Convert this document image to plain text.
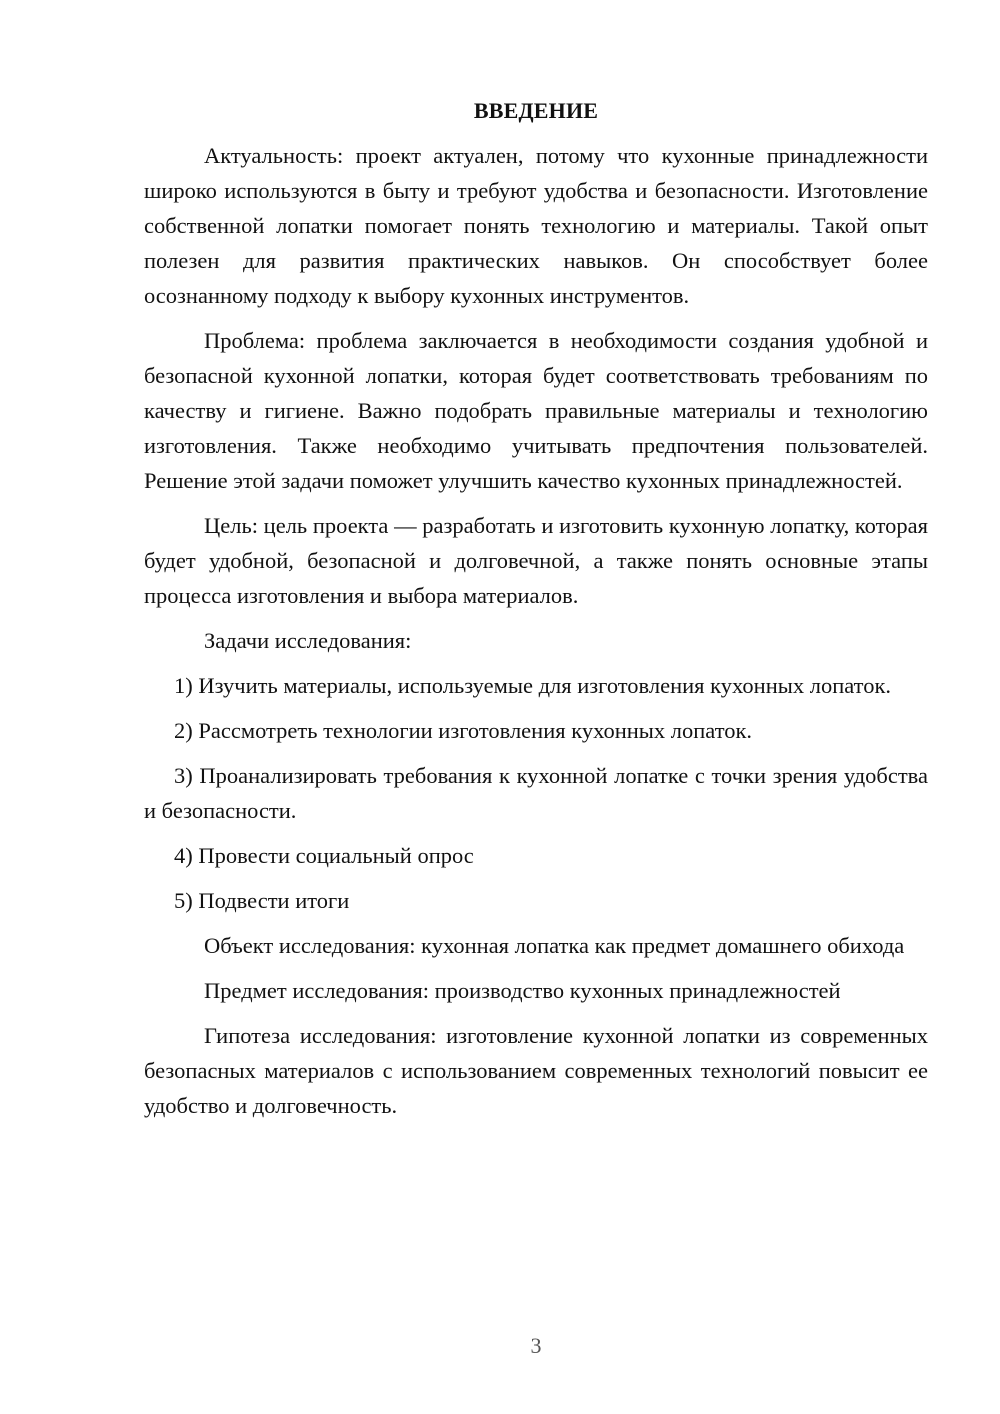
ВВЕДЕНИЕ

Актуальность: проект актуален, потому что кухонные принадлежности широко используются в быту и требуют удобства и безопасности. Изготовление собственной лопатки помогает понять технологию и материалы. Такой опыт полезен для развития практических навыков. Он способствует более осознанному подходу к выбору кухонных инструментов.

Проблема: проблема заключается в необходимости создания удобной и безопасной кухонной лопатки, которая будет соответствовать требованиям по качеству и гигиене. Важно подобрать правильные материалы и технологию изготовления. Также необходимо учитывать предпочтения пользователей. Решение этой задачи поможет улучшить качество кухонных принадлежностей.

Цель: цель проекта — разработать и изготовить кухонную лопатку, которая будет удобной, безопасной и долговечной, а также понять основные этапы процесса изготовления и выбора материалов.

Задачи исследования:

1) Изучить материалы, используемые для изготовления кухонных лопаток.

2) Рассмотреть технологии изготовления кухонных лопаток.

3) Проанализировать требования к кухонной лопатке с точки зрения удобства и безопасности.

4) Провести социальный опрос

5) Подвести итоги

Объект исследования: кухонная лопатка как предмет домашнего обихода

Предмет исследования: производство кухонных принадлежностей

Гипотеза исследования: изготовление кухонной лопатки из современных безопасных материалов с использованием современных технологий повысит ее удобство и долговечность.

3
